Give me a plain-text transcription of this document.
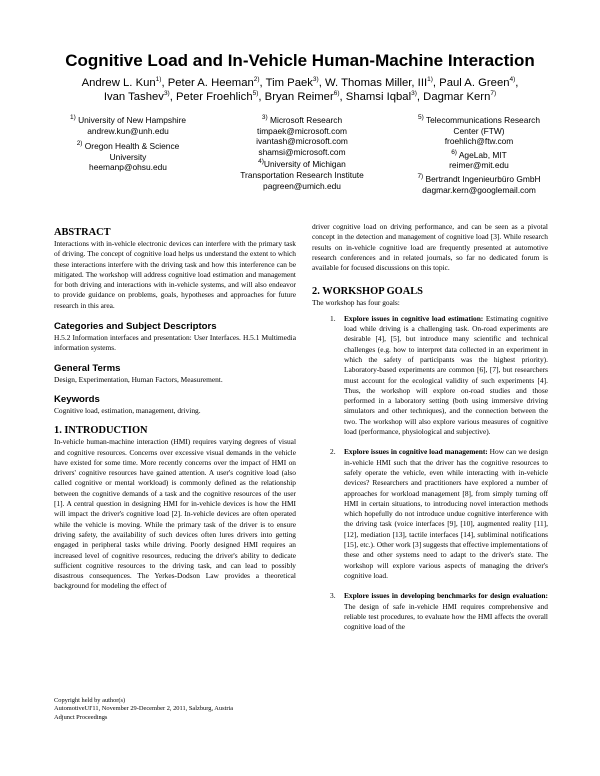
Cognitive Load and In-Vehicle Human-Machine Interaction
Andrew L. Kun$^{1)}$, Peter A. Heeman$^{2)}$, Tim Paek$^{3)}$, W. Thomas Miller, III$^{1)}$, Paul A. Green$^{4)}$,
Ivan Tashev$^{3)}$, Peter Froehlich$^{5)}$, Bryan Reimer$^{6)}$, Shamsi Iqbal$^{3)}$, Dagmar Kern$^{7)}$
$^{1)}$ University of New Hampshire
andrew.kun@unh.edu
$^{2)}$ Oregon Health & Science
University
heemanp@ohsu.edu
$^{3)}$ Microsoft Research
timpaek@microsoft.com
ivantash@microsoft.com
shamsi@microsoft.com
$^{4)}$University of Michigan
Transportation Research Institute
pagreen@umich.edu
$^{5)}$ Telecommunications Research
Center (FTW)
froehlich@ftw.com
$^{6)}$ AgeLab, MIT
reimer@mit.edu
$^{7)}$ Bertrandt Ingenieurbüro GmbH
dagmar.kern@googlemail.com
ABSTRACT

Interactions with in-vehicle electronic devices can interfere with the primary task of driving. The concept of cognitive load helps us understand the extent to which these interactions interfere with the driving task and how this interference can be mitigated. The workshop will address cognitive load estimation and management for both driving and interactions with in-vehicle systems, and will also endeavor to provide guidance on problems, goals, hypotheses and approaches for future research in this area.

Categories and Subject Descriptors

H.5.2 Information interfaces and presentation: User Interfaces. H.5.1 Multimedia information systems.

General Terms

Design, Experimentation, Human Factors, Measurement.

Keywords

Cognitive load, estimation, management, driving.

1. INTRODUCTION

In-vehicle human-machine interaction (HMI) requires varying degrees of visual and cognitive resources. Concerns over excessive visual demands in the vehicle have existed for some time. More recently concerns over the impact of HMI on drivers' cognitive resources have gained attention. A user's cognitive load (also called cognitive or mental workload) is commonly defined as the relationship between the cognitive demands of a task and the cognitive resources of the user [1]. A central question in designing HMI for in-vehicle devices is how the HMI will impact the driver's cognitive load [2]. In-vehicle devices are often operated while the vehicle is moving. While the primary task of the driver is to ensure driving safety, the availability of such devices often lures drivers into getting engaged in peripheral tasks while driving. Poorly designed HMI requires an increased level of cognitive resources, reducing the driver's ability to dedicate sufficient cognitive resources to the driving task, and can lead to possibly disastrous consequences. The Yerkes-Dodson Law provides a theoretical background for modeling the effect of

Copyright held by author(s)
AutomotiveUI'11, November 29-December 2, 2011, Salzburg, Austria
Adjunct Proceedings

driver cognitive load on driving performance, and can be seen as a pivotal concept in the detection and management of cognitive load [3]. While research results on in-vehicle cognitive load are frequently presented at automotive research conferences and in related journals, so far no dedicated forum is available for focused discussions on this topic.

2. WORKSHOP GOALS

The workshop has four goals:

1. Explore issues in cognitive load estimation: Estimating cognitive load while driving is a challenging task. On-road experiments are desirable [4], [5], but introduce many scientific and technical challenges (e.g. how to interpret data collected in an experiment in which the safety of participants was the highest priority). Laboratory-based experiments are common [6], [7], but researchers must account for the ecological validity of such experiments [4]. Thus, the workshop will explore on-road studies and those performed in a laboratory setting (both using immersive driving simulators and other techniques), and the connection between the two. The workshop will also explore various measures of cognitive load (performance, physiological and subjective).
2. Explore issues in cognitive load management: How can we design in-vehicle HMI such that the driver has the cognitive resources to safely operate the vehicle, even while interacting with in-vehicle devices? Researchers and practitioners have explored a number of approaches for workload management [8], from simply turning off HMI in certain situations, to introducing novel interaction methods which hopefully do not introduce undue cognitive interference with the driving task (voice interfaces [9], [10], augmented reality [11], [12], mediation [13], tactile interfaces [14], subliminal notifications [15], etc.). Other work [3] suggests that effective implementations of these and other systems need to adapt to the driver's state. The workshop will explore various aspects of managing the driver's cognitive load.
3. Explore issues in developing benchmarks for design evaluation: The design of safe in-vehicle HMI requires comprehensive and reliable test procedures, to evaluate how the HMI affects the overall cognitive load of the
